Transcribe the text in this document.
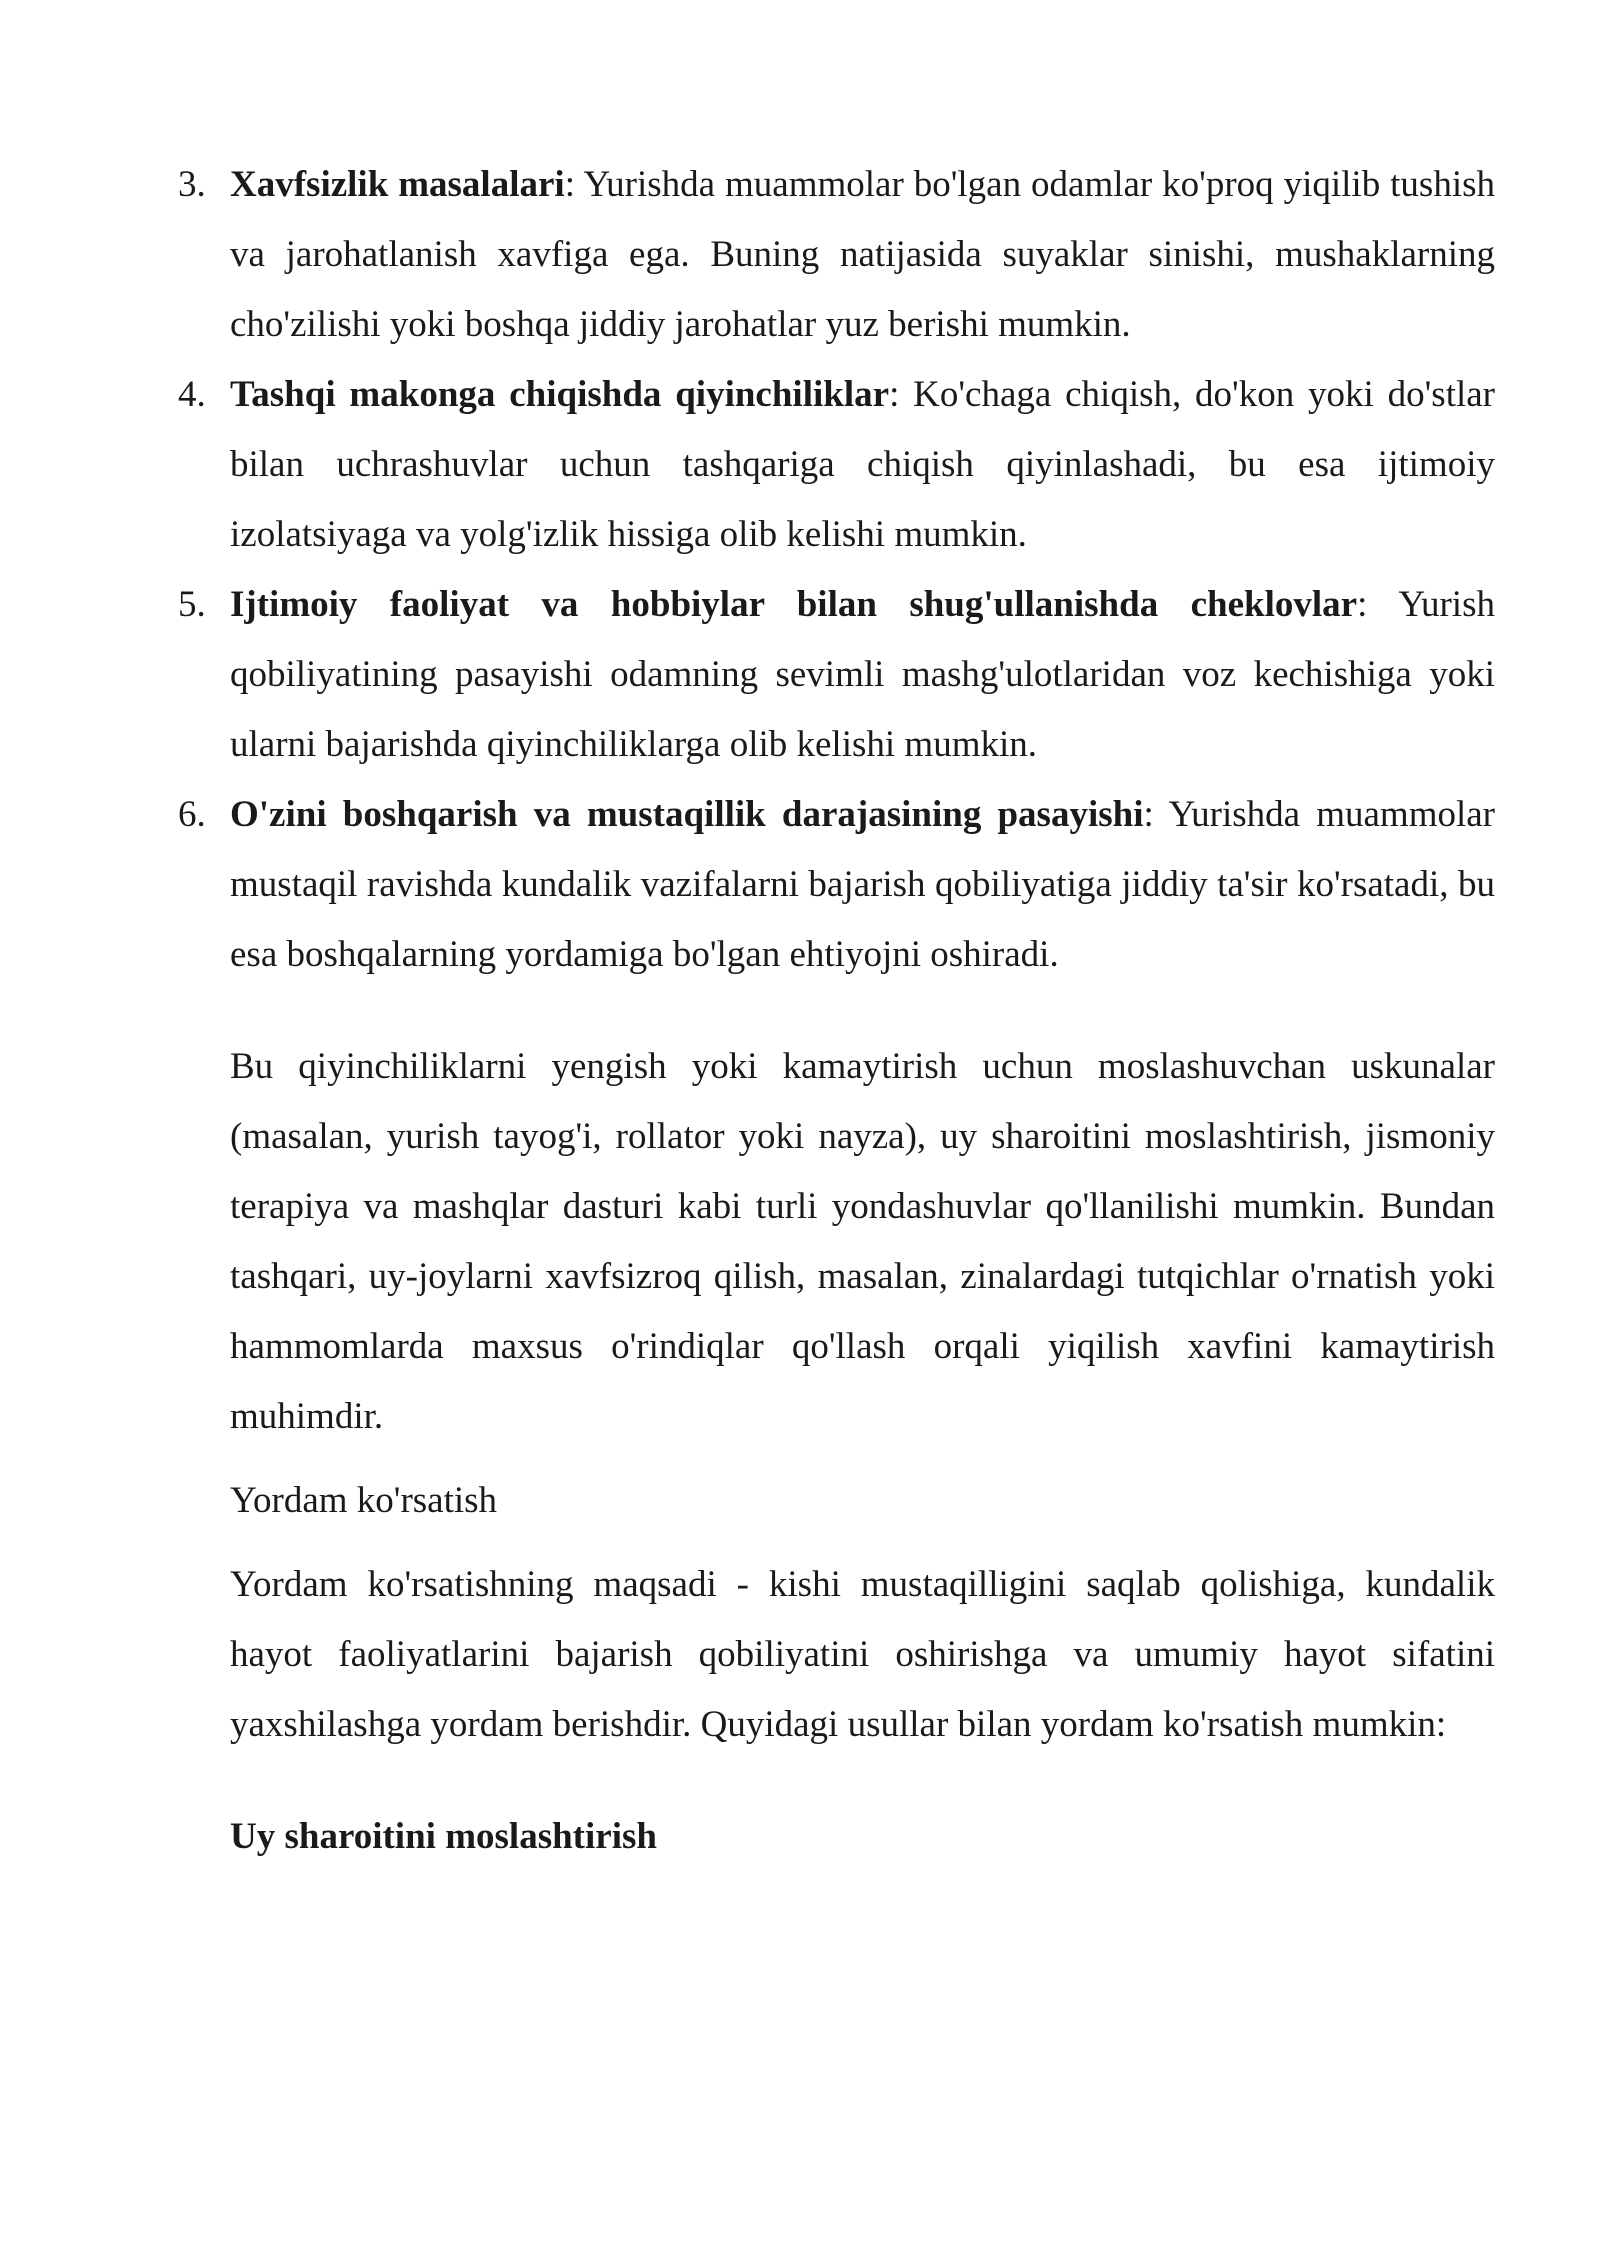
3. Xavfsizlik masalalari: Yurishda muammolar bo'lgan odamlar ko'proq yiqilib tushish va jarohatlanish xavfiga ega. Buning natijasida suyaklar sinishi, mushaklarning cho'zilishi yoki boshqa jiddiy jarohatlar yuz berishi mumkin.

4. Tashqi makonga chiqishda qiyinchiliklar: Ko'chaga chiqish, do'kon yoki do'stlar bilan uchrashuvlar uchun tashqariga chiqish qiyinlashadi, bu esa ijtimoiy izolatsiyaga va yolg'izlik hissiga olib kelishi mumkin.

5. Ijtimoiy faoliyat va hobbiylar bilan shug'ullanishda cheklovlar: Yurish qobiliyatining pasayishi odamning sevimli mashg'ulotlaridan voz kechishiga yoki ularni bajarishda qiyinchiliklarga olib kelishi mumkin.

6. O'zini boshqarish va mustaqillik darajasining pasayishi: Yurishda muammolar mustaqil ravishda kundalik vazifalarni bajarish qobiliyatiga jiddiy ta'sir ko'rsatadi, bu esa boshqalarning yordamiga bo'lgan ehtiyojni oshiradi.

Bu qiyinchiliklarni yengish yoki kamaytirish uchun moslashuvchan uskunalar (masalan, yurish tayog'i, rollator yoki nayza), uy sharoitini moslashtirish, jismoniy terapiya va mashqlar dasturi kabi turli yondashuvlar qo'llanilishi mumkin. Bundan tashqari, uy-joylarni xavfsizroq qilish, masalan, zinalardagi tutqichlar o'rnatish yoki hammomlarda maxsus o'rindiqlar qo'llash orqali yiqilish xavfini kamaytirish muhimdir.

Yordam ko'rsatish

Yordam ko'rsatishning maqsadi - kishi mustaqilligini saqlab qolishiga, kundalik hayot faoliyatlarini bajarish qobiliyatini oshirishga va umumiy hayot sifatini yaxshilashga yordam berishdir. Quyidagi usullar bilan yordam ko'rsatish mumkin:

Uy sharoitini moslashtirish
